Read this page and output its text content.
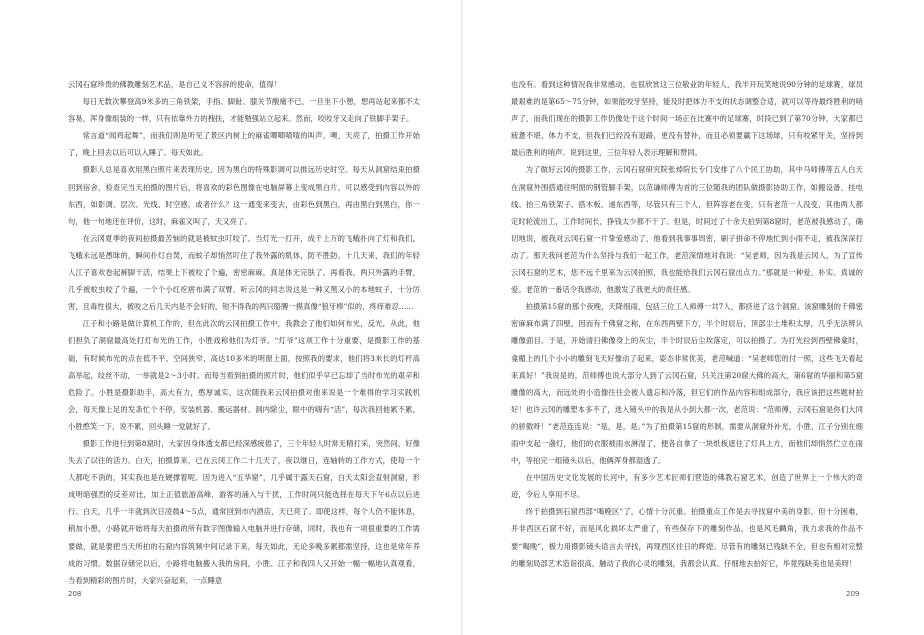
云冈石窟珍贵的佛教雕刻艺术品，是自己义不容辞的使命，值得！

每日无数次攀登高9米多的三角铁架，手指、脚趾、膝关节酸痛不已，一旦坐下小憩，想再站起来都不太容易，浑身像组装的一样，只有依靠外力的拽扶，才能勉强站立起来。然而，咬咬牙又走向了铁脚手架子。

常言道“闻鸡起舞”，而我们则是听见了景区内树上的麻雀唧唧喳喳的叫声。噢，天亮了，拍摄工作开始了，晚上回去以后可以入睡了。每天如此。

摄影人总是喜欢用黑白照片来表现历史，因为黑白的特殊影调可以推远历史时空。每天从洞窟结束拍摄回到宿舍，检查完当天拍摄的图片后，将喜欢的彩色图像在电脑屏幕上变成黑白片，可以感受到内容以外的东西，如影调、层次、光线、时空感，或者什么？这一通变来变去，由彩色到黑白，再由黑白到黑白，你一句，他一句地还在评价，这时，麻雀又叫了，天又亮了。

在云冈夏季的夜间拍摄最苦恼的就是被蚊虫叮咬了。当灯光一打开，成千上万的飞蛾扑向了灯和我们，飞蛾永远是愚昧的，瞬间扑灯自焚，而蚊子却悄然叮住了我外露的肌体，防不胜防。十几天来，我们的年轻人江子喜欢卷起裤脚干活，结果上下被咬了个遍，密密麻麻，真是体无完肤了。再看我，两只外露的手臂，几乎被蚊虫咬了个遍，一个个小红疙瘩布满了双臂，听云冈的同志说这是一种又黑又小的本地蚊子，十分厉害，且毒性很大，被咬之后几天内是不会好的，钳不得我的两只胳膊一摸真像“狼牙棒”似的，疼痒难忍……

江子和小路是做计算机工作的，但在此次的云冈拍摄工作中，我教会了他们如何布光，反光，从此，他们担负了洞窟最高处打灯布光的工作，小胜戏称他们为灯爷。“灯爷”这项工作十分重要，是摄影工作的基础，有时候布光的点在低不平、空间狭窄，高达10多米的明窗上面，按照我的要求，他们将3米长的灯杆高高举起，纹丝不动，一举就是2～3小时。而每当看到拍摄的照片时，他们似乎早已忘却了当时布光的艰辛和危险了。小胜是摄影助手，高大有力，憨厚诚实，这次随我来云冈拍摄对他来说是一个难得的学习实践机会，每天像上足的发条忙个不停，安装机器、搬运器材、洞内除尘，眼中的嗨有“活”，每次我回他累不累，小胜憨笑一下，说不累，回头睡一觉就好了。

摄影工作进行到第8窟时，大家因身体透支都已经深感疲倦了，三个年轻人时常无精打采，突然间，好像失去了以往的活力。白天，拍摄算来，已在云冈工作二十几天了，夜以继日，连轴转的工作方式，使每一个人都吃不消的，其实我也是在硬撑着呢。因为进入“五华窟”，几乎属于露天石窟，白天太阳会直射洞窟，形成明暗强烈的反差对比，加上正值旅游高峰，游客的涌入与干扰，工作时间只能选择在每天下午6点以后进行。白天，几乎一半就到次日凌晨4～5点，通常回到市内酒店，天已亮了。即使这样，每个人仍不能休息，稍加小憩，小路就开始将每天拍摄的所有数字图像输入电脑并进行存储，同时，我也有一项很重要的工作需要做，就是要把当天所拍的石窟内容筑频中间记录下来，每天如此，无论多晚多累都需坚持，这也是常年养成的习惯。数据存储完以后，小路将电脑搬入我的房间，小胜、江子和我四人又开始一幅一幅地认真观看，当看到精彩的图片时，大家兴奋起来，一点睡意

208

也没有。看到这种情况我非常感动，也很欣赏这三位敬业的年轻人，我半开玩笑地说90分钟的足球赛，球员最艰难的是第65～75分钟，如果能咬牙坚持，能及时把体力不支的状态调整合适，就可以等待最终胜利的哨声了，而我们现在的摄影工作仍像处于这个时间一场正在比赛中的足球赛，时段已到了第70分钟，大家都已疲惫不堪，体力不支，但我们已经没有退路，更没有替补，而且必须要赢下这场球，只有咬紧牙关，坚持到最后胜利的哨声。说到这里，三位年轻人表示理解和赞同。

为了做好云冈的摄影工作，云冈石窟研究院张焯院长专门安排了八个民工协助，其中马师傅等五人白天在洞窟外围搭通往明窗的钢管脚手架，以范谦师傅为首的三位随我的团队做摄影协助工作，如搬设备、挂电线、抬三角铁架子、搭木板、递东西等，尽管只有三个人，但阵容老在变，只有老范一人没变，其他两人都定时轮流出工，工作时间长，挣钱太少都不干了。但是，时间过了十余天拍到第8窟时，老范被我感动了，确切地说，被我对云冈石窟一片挚爱感动了，他看到我事事周密，刷子拼命不停地忙到小雨不走，被我深深打动了。那天我问老范为什么坚持与我们一起工作，老范深情地对我说：“吴老师，因为我是云冈人，为了宣传云冈石窟的艺术，您不远千里来为云冈拍照，我也能给我们云冈石窟出点力。”那就是一种爱，朴实、真诚的爱。老范的一番话令我感动，他激发了我更大的责任感。

拍摄第15窟的那个夜晚，天降细雨，包括三位工人师傅一共7人，都挤进了这个洞窟。该窟雕刻的千佛密密麻麻布满了四壁，因而有千佛窟之称，在东西两壁下方，半个时辰后，顶部尘土堆积太厚，几乎无法辨认雕像面目。于是，开始清扫佛像身上的灰尘，半个时辰后尘埃落定，可以拍摄了。为打光拉到西壁佛龛时，龛楣上的几个小小的雕刻飞天好像动了起来，姿态非常优美，老范喊道：“吴老师您的付一照，这些飞天看起来真好！”我说是的，范师傅也说大部分人到了云冈石窟，只关注第20窟大佛的高大，第6窟的华丽和第5窟雕像的高大，而远处的小造像往往会被人遗忘和冷落，但它们的作品内容和组成部分，我应该把这些题材拍好！也许云冈的雕塑本多不了，选入镜头中的我是从小到大都一次，老范说：“范师傅，云冈石窟是你们大同的骄傲呀！”老范连连说：“是，是，是。”为了拍摄第15窟的形制，需要从洞窟外补光，小胜、江子分别在细雨中支起一盏灯，他们的衣服被雨水淋湿了，便各自拿了一块纸板遮住了灯具上方，而他们却悄然伫立在雨中，等拍完一组镜头以后，他俩浑身都湿透了。

在中国历史文化发展的长河中，有多少艺术匠师们营造的佛教石窟艺术，创造了世界上一个伟大的奇迹，令后人享用不尽。

终于拍摄到石窟西部“喝晚区”了，心情十分沉重。拍摄重点工作是去寻找窟中美的身影，但十分困难，并非西区石窟不好，而是风化损坏太严重了，有些保存下的雕刻作品，也是风毛麟角，我力求我的作品不要“喝晚”，极力用摄影镜头语言去寻找，再现西区往日的辉煌。尽管有的雕刻已残缺不全，但也有相对完整的雕刻局部艺术造诣很高，触动了我的心灵的雕刻，我都会认真、仔细地去拍好它，毕竟残缺美也是美呀！

209
